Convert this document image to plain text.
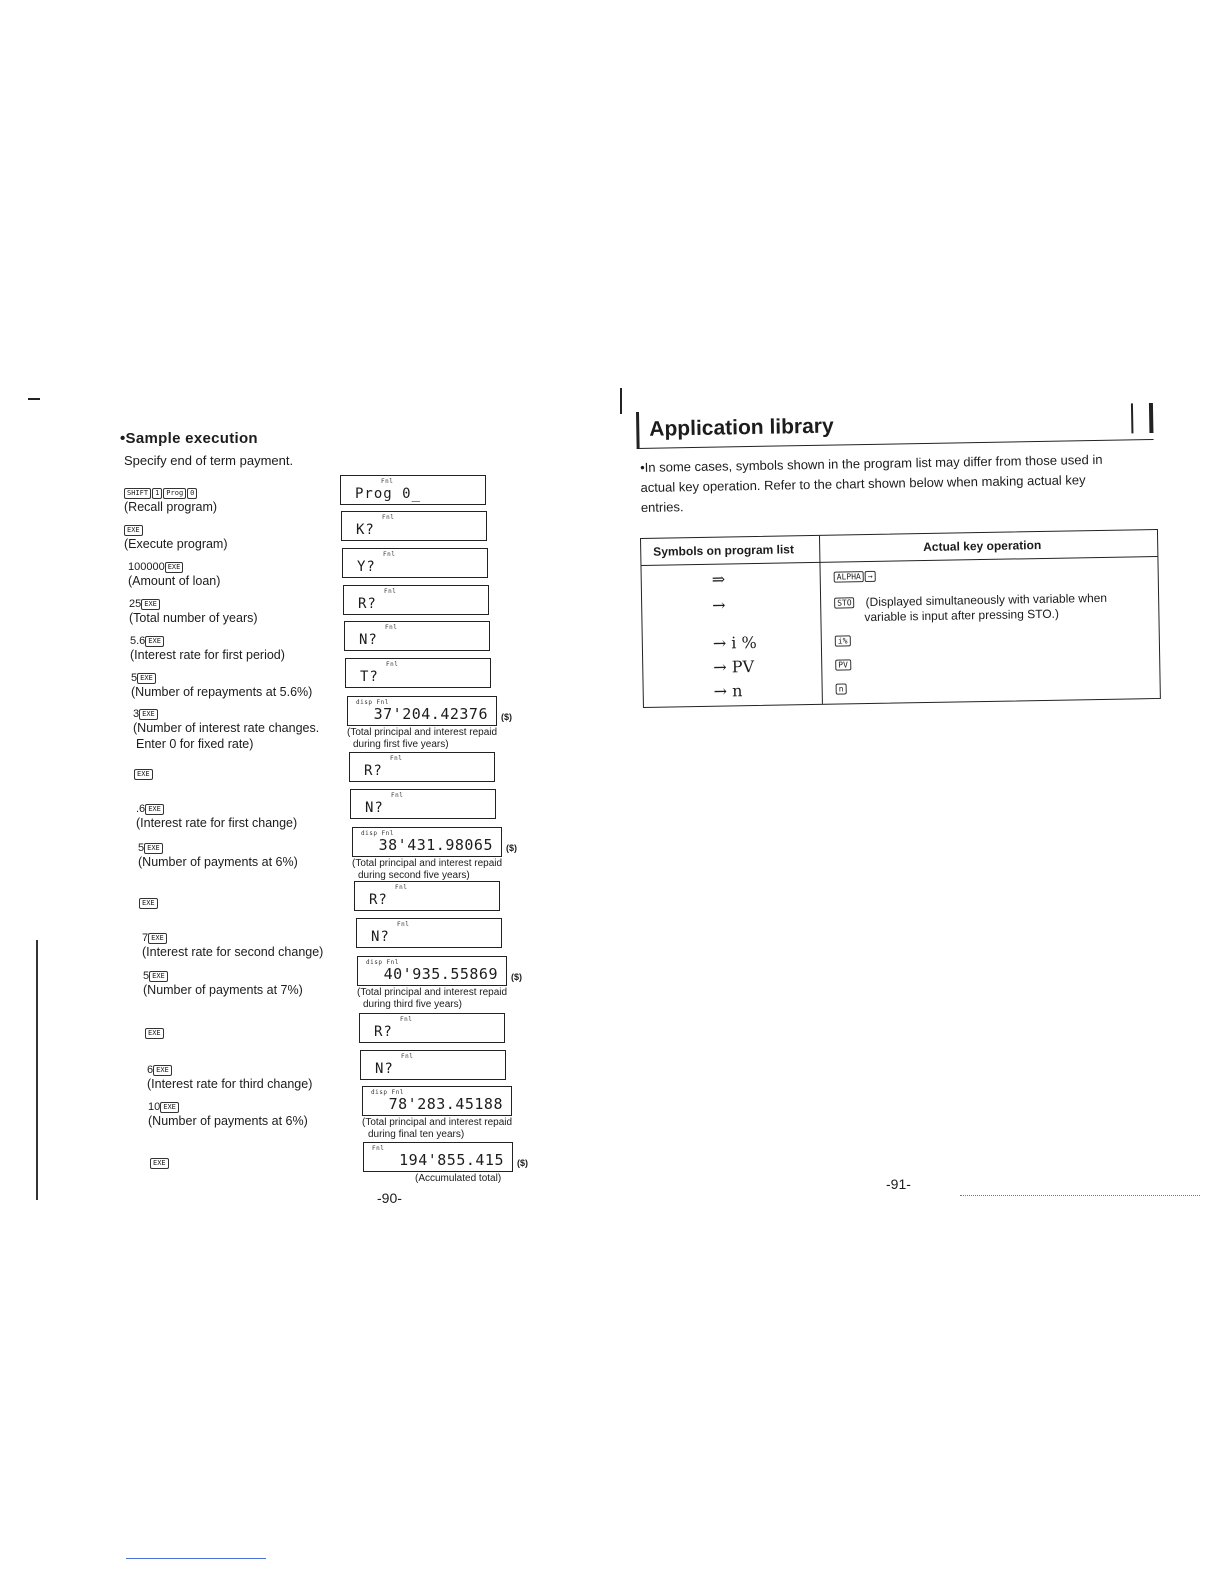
•Sample execution
Specify end of term payment.
SHIFT 1 Prog 0
(Recall program)
EXE
(Execute program)
100000 EXE
(Amount of loan)
25 EXE
(Total number of years)
5.6 EXE
(Interest rate for first period)
5 EXE
(Number of repayments at 5.6%)
3 EXE
(Number of interest rate changes.
Enter 0 for fixed rate)
EXE
.6 EXE
(Interest rate for first change)
5 EXE
(Number of payments at 6%)
EXE
7 EXE
(Interest rate for second change)
5 EXE
(Number of payments at 7%)
EXE
6 EXE
(Interest rate for third change)
10 EXE
(Number of payments at 6%)
EXE
Fnl
Prog 0_
Fnl
K?
Fnl
Y?
Fnl
R?
Fnl
N?
Fnl
T?
disp Fnl
37'204.42376 ($)
(Total principal and interest repaid
during first five years)
Fnl
R?
Fnl
N?
disp Fnl
38'431.98065 ($)
(Total principal and interest repaid
during second five years)
Fnl
R?
Fnl
N?
disp Fnl
40'935.55869 ($)
(Total principal and interest repaid
during third five years)
Fnl
R?
Fnl
N?
disp Fnl
78'283.45188
(Total principal and interest repaid
during final ten years)
Fnl
194'855.415 ($)
(Accumulated total)
-90-
Application library
•In some cases, symbols shown in the program list may differ from those used in
actual key operation. Refer to the chart shown below when making actual key
entries.
Symbols on program list	Actual key operation
⇒	ALPHA →
→	STO (Displayed simultaneously with variable when
variable is input after pressing STO.)
→ i %	i%
→ PV	PV
→ n	n
-91-
